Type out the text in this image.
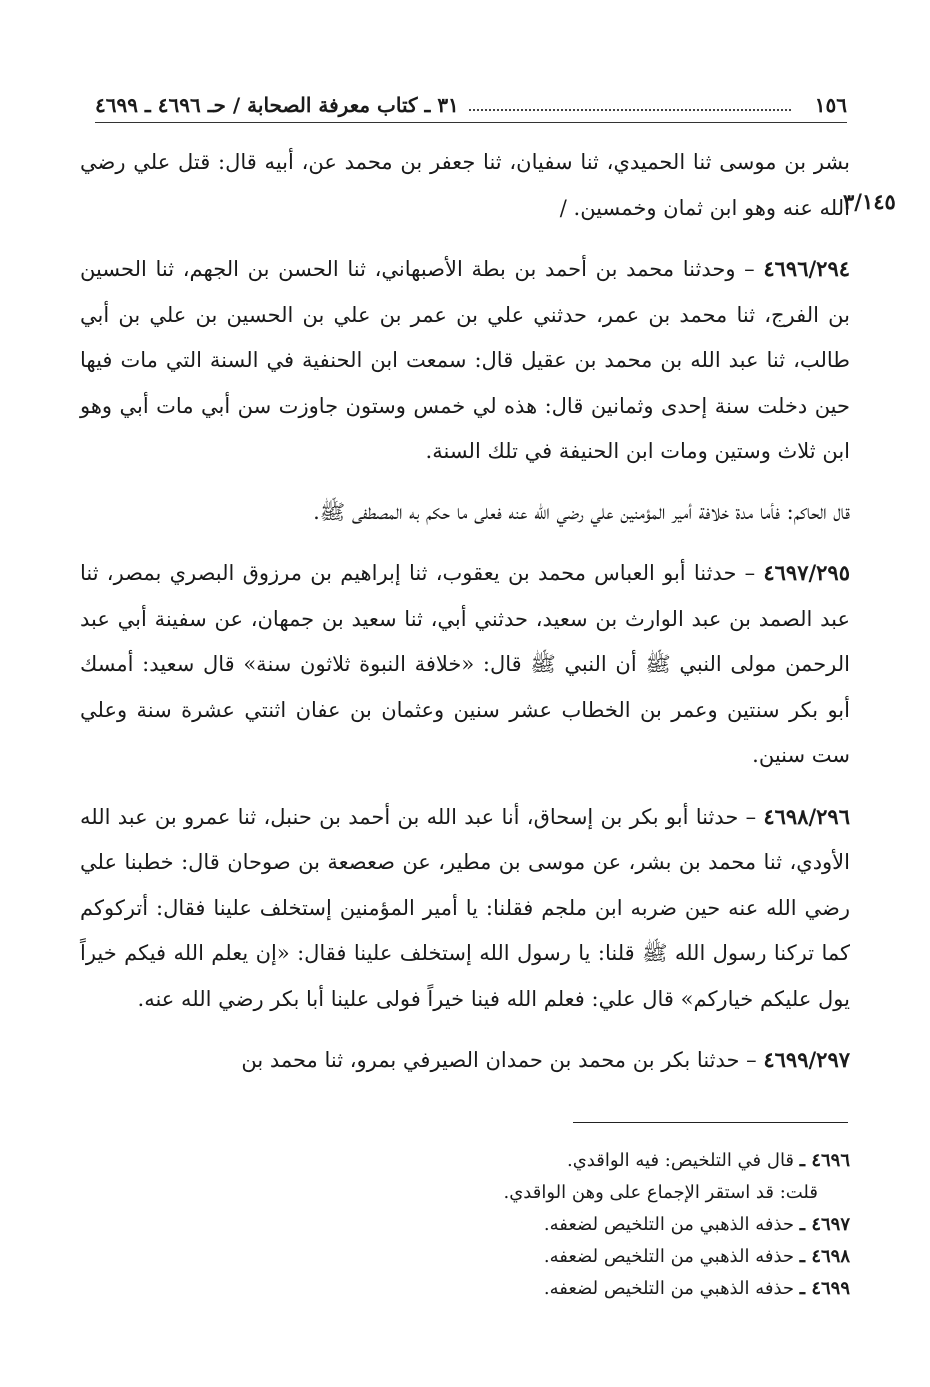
١٥٦
٣١ ـ كتاب معرفة الصحابة / حـ ٤٦٩٦ ـ ٤٦٩٩
٣/١٤٥

بشر بن موسى ثنا الحميدي، ثنا سفيان، ثنا جعفر بن محمد عن، أبيه قال: قتل علي رضي الله عنه وهو ابن ثمان وخمسين. /

٤٦٩٦/٢٩٤ – وحدثنا محمد بن أحمد بن بطة الأصبهاني، ثنا الحسن بن الجهم، ثنا الحسين بن الفرج، ثنا محمد بن عمر، حدثني علي بن عمر بن علي بن الحسين بن علي بن أبي طالب، ثنا عبد الله بن محمد بن عقيل قال: سمعت ابن الحنفية في السنة التي مات فيها حين دخلت سنة إحدى وثمانين قال: هذه لي خمس وستون جاوزت سن أبي مات أبي وهو ابن ثلاث وستين ومات ابن الحنيفة في تلك السنة.

قال الحاكم: فأما مدة خلافة أمير المؤمنين علي رضي الله عنه فعلى ما حكم به المصطفى ﷺ.

٤٦٩٧/٢٩٥ – حدثنا أبو العباس محمد بن يعقوب، ثنا إبراهيم بن مرزوق البصري بمصر، ثنا عبد الصمد بن عبد الوارث بن سعيد، حدثني أبي، ثنا سعيد بن جمهان، عن سفينة أبي عبد الرحمن مولى النبي ﷺ أن النبي ﷺ قال: «خلافة النبوة ثلاثون سنة» قال سعيد: أمسك أبو بكر سنتين وعمر بن الخطاب عشر سنين وعثمان بن عفان اثنتي عشرة سنة وعلي ست سنين.

٤٦٩٨/٢٩٦ – حدثنا أبو بكر بن إسحاق، أنا عبد الله بن أحمد بن حنبل، ثنا عمرو بن عبد الله الأودي، ثنا محمد بن بشر، عن موسى بن مطير، عن صعصعة بن صوحان قال: خطبنا علي رضي الله عنه حين ضربه ابن ملجم فقلنا: يا أمير المؤمنين إستخلف علينا فقال: أتركوكم كما تركنا رسول الله ﷺ قلنا: يا رسول الله إستخلف علينا فقال: «إن يعلم الله فيكم خيراً يول عليكم خياركم» قال علي: فعلم الله فينا خيراً فولى علينا أبا بكر رضي الله عنه.

٤٦٩٩/٢٩٧ – حدثنا بكر بن محمد بن حمدان الصيرفي بمرو، ثنا محمد بن

٤٦٩٦ ـ قال في التلخيص: فيه الواقدي.
قلت: قد استقر الإجماع على وهن الواقدي.
٤٦٩٧ ـ حذفه الذهبي من التلخيص لضعفه.
٤٦٩٨ ـ حذفه الذهبي من التلخيص لضعفه.
٤٦٩٩ ـ حذفه الذهبي من التلخيص لضعفه.
